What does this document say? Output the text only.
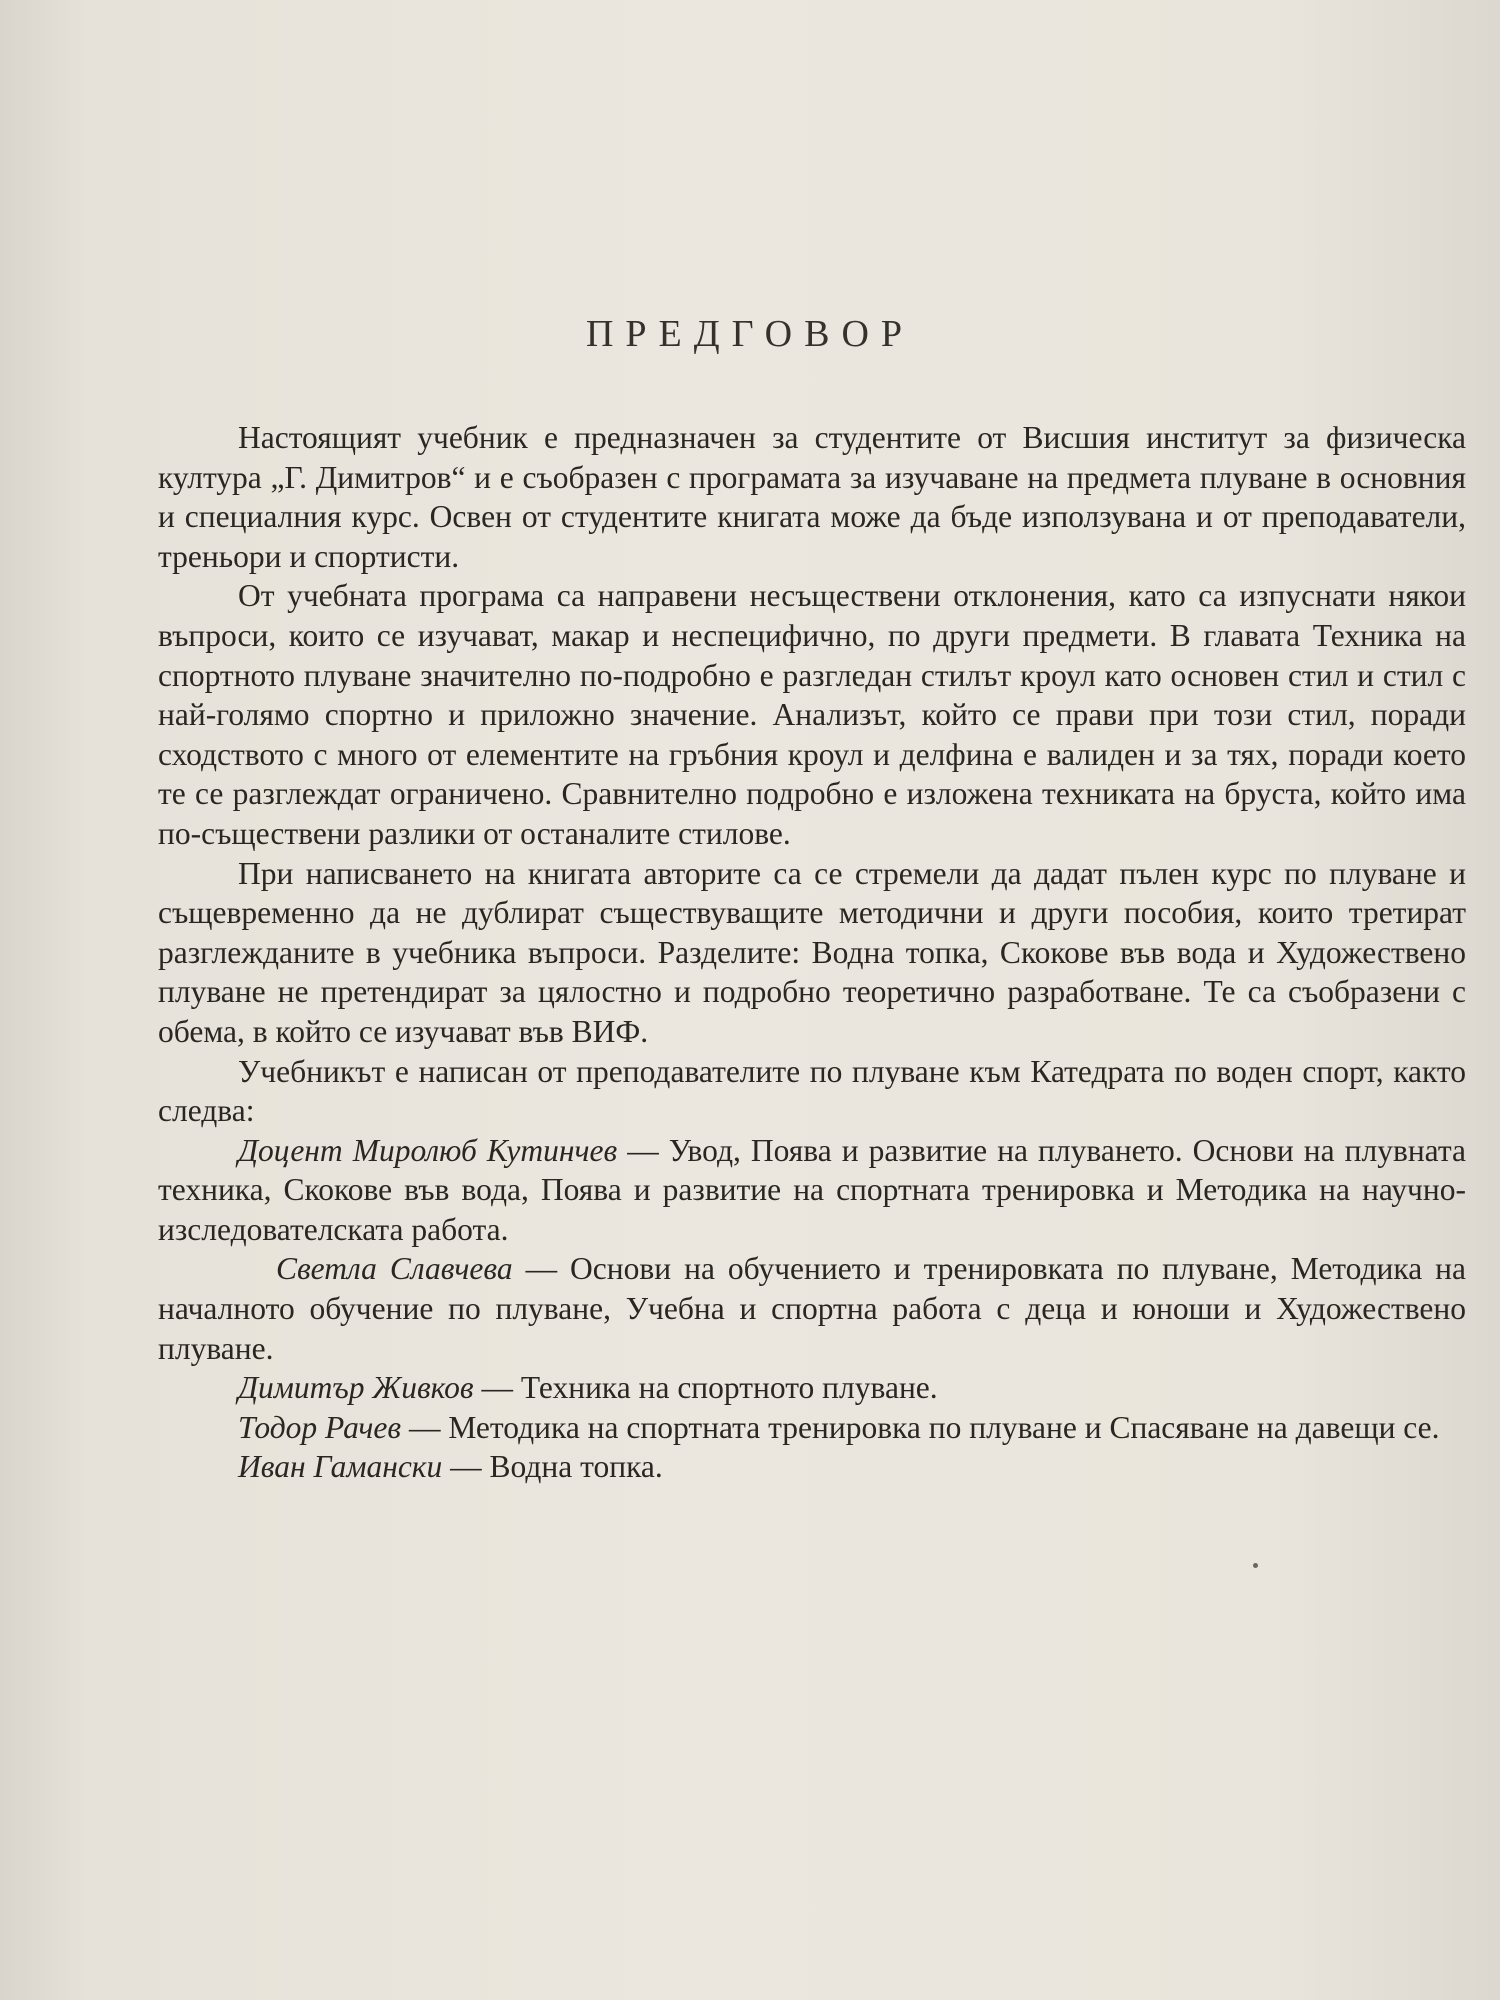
ПРЕДГОВОР

Настоящият учебник е предназначен за студентите от Висшия институт за физическа култура „Г. Димитров“ и е съобразен с програмата за изучаване на предмета плуване в основния и специалния курс. Освен от студентите книгата може да бъде използувана и от преподаватели, треньори и спортисти.

От учебната програма са направени несъществени отклонения, като са изпуснати някои въпроси, които се изучават, макар и неспецифично, по други предмети. В главата Техника на спортното плуване значително по-подробно е разгледан стилът кроул като основен стил и стил с най-голямо спортно и приложно значение. Анализът, който се прави при този стил, поради сходството с много от елементите на гръбния кроул и делфина е валиден и за тях, поради което те се разглеждат ограничено. Сравнително подробно е изложена техниката на бруста, който има по-съществени разлики от останалите стилове.

При написването на книгата авторите са се стремели да дадат пълен курс по плуване и същевременно да не дублират съществуващите методични и други пособия, които третират разглежданите в учебника въпроси. Разделите: Водна топка, Скокове във вода и Художествено плуване не претендират за цялостно и подробно теоретично разработване. Те са съобразени с обема, в който се изучават във ВИФ.

Учебникът е написан от преподавателите по плуване към Катедрата по воден спорт, както следва:

Доцент Миролюб Кутинчев — Увод, Поява и развитие на плуването. Основи на плувната техника, Скокове във вода, Поява и развитие на спортната тренировка и Методика на научно-изследователската работа.

Светла Славчева — Основи на обучението и тренировката по плуване, Методика на началното обучение по плуване, Учебна и спортна работа с деца и юноши и Художествено плуване.

Димитър Живков — Техника на спортното плуване.

Тодор Рачев — Методика на спортната тренировка по плуване и Спасяване на давещи се.

Иван Гамански — Водна топка.
